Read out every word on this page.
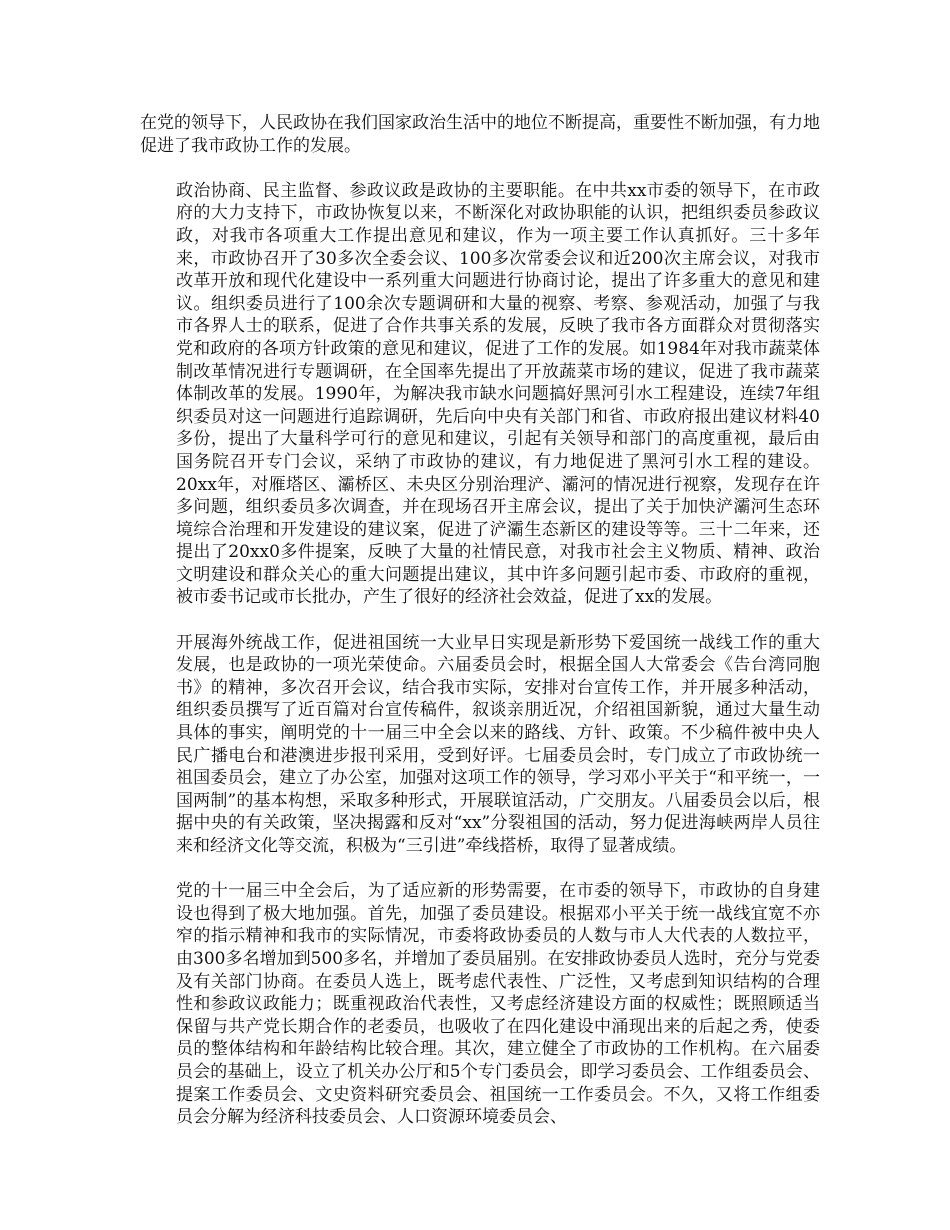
在党的领导下，人民政协在我们国家政治生活中的地位不断提高，重要性不断加强，有力地促进了我市政协工作的发展。

政治协商、民主监督、参政议政是政协的主要职能。在中共xx市委的领导下，在市政府的大力支持下，市政协恢复以来，不断深化对政协职能的认识，把组织委员参政议政，对我市各项重大工作提出意见和建议，作为一项主要工作认真抓好。三十多年来，市政协召开了30多次全委会议、100多次常委会议和近200次主席会议，对我市改革开放和现代化建设中一系列重大问题进行协商讨论，提出了许多重大的意见和建议。组织委员进行了100余次专题调研和大量的视察、考察、参观活动，加强了与我市各界人士的联系，促进了合作共事关系的发展，反映了我市各方面群众对贯彻落实党和政府的各项方针政策的意见和建议，促进了工作的发展。如1984年对我市蔬菜体制改革情况进行专题调研，在全国率先提出了开放蔬菜市场的建议，促进了我市蔬菜体制改革的发展。1990年，为解决我市缺水问题搞好黑河引水工程建设，连续7年组织委员对这一问题进行追踪调研，先后向中央有关部门和省、市政府报出建议材料40多份，提出了大量科学可行的意见和建议，引起有关领导和部门的高度重视，最后由国务院召开专门会议，采纳了市政协的建议，有力地促进了黑河引水工程的建设。20xx年，对雁塔区、灞桥区、未央区分别治理浐、灞河的情况进行视察，发现存在许多问题，组织委员多次调查，并在现场召开主席会议，提出了关于加快浐灞河生态环境综合治理和开发建设的建议案，促进了浐灞生态新区的建设等等。三十二年来，还提出了20xx0多件提案，反映了大量的社情民意，对我市社会主义物质、精神、政治文明建设和群众关心的重大问题提出建议，其中许多问题引起市委、市政府的重视，被市委书记或市长批办，产生了很好的经济社会效益，促进了xx的发展。

开展海外统战工作，促进祖国统一大业早日实现是新形势下爱国统一战线工作的重大发展，也是政协的一项光荣使命。六届委员会时，根据全国人大常委会《告台湾同胞书》的精神，多次召开会议，结合我市实际，安排对台宣传工作，并开展多种活动，组织委员撰写了近百篇对台宣传稿件，叙谈亲朋近况，介绍祖国新貌，通过大量生动具体的事实，阐明党的十一届三中全会以来的路线、方针、政策。不少稿件被中央人民广播电台和港澳进步报刊采用，受到好评。七届委员会时，专门成立了市政协统一祖国委员会，建立了办公室，加强对这项工作的领导，学习邓小平关于“和平统一，一国两制”的基本构想，采取多种形式，开展联谊活动，广交朋友。八届委员会以后，根据中央的有关政策，坚决揭露和反对“xx”分裂祖国的活动，努力促进海峡两岸人员往来和经济文化等交流，积极为“三引进”牵线搭桥，取得了显著成绩。

党的十一届三中全会后，为了适应新的形势需要，在市委的领导下，市政协的自身建设也得到了极大地加强。首先，加强了委员建设。根据邓小平关于统一战线宜宽不亦窄的指示精神和我市的实际情况，市委将政协委员的人数与市人大代表的人数拉平，由300多名增加到500多名，并增加了委员届别。在安排政协委员人选时，充分与党委及有关部门协商。在委员人选上，既考虑代表性、广泛性，又考虑到知识结构的合理性和参政议政能力；既重视政治代表性，又考虑经济建设方面的权威性；既照顾适当保留与共产党长期合作的老委员，也吸收了在四化建设中涌现出来的后起之秀，使委员的整体结构和年龄结构比较合理。其次，建立健全了市政协的工作机构。在六届委员会的基础上，设立了机关办公厅和5个专门委员会，即学习委员会、工作组委员会、提案工作委员会、文史资料研究委员会、祖国统一工作委员会。不久，又将工作组委员会分解为经济科技委员会、人口资源环境委员会、
